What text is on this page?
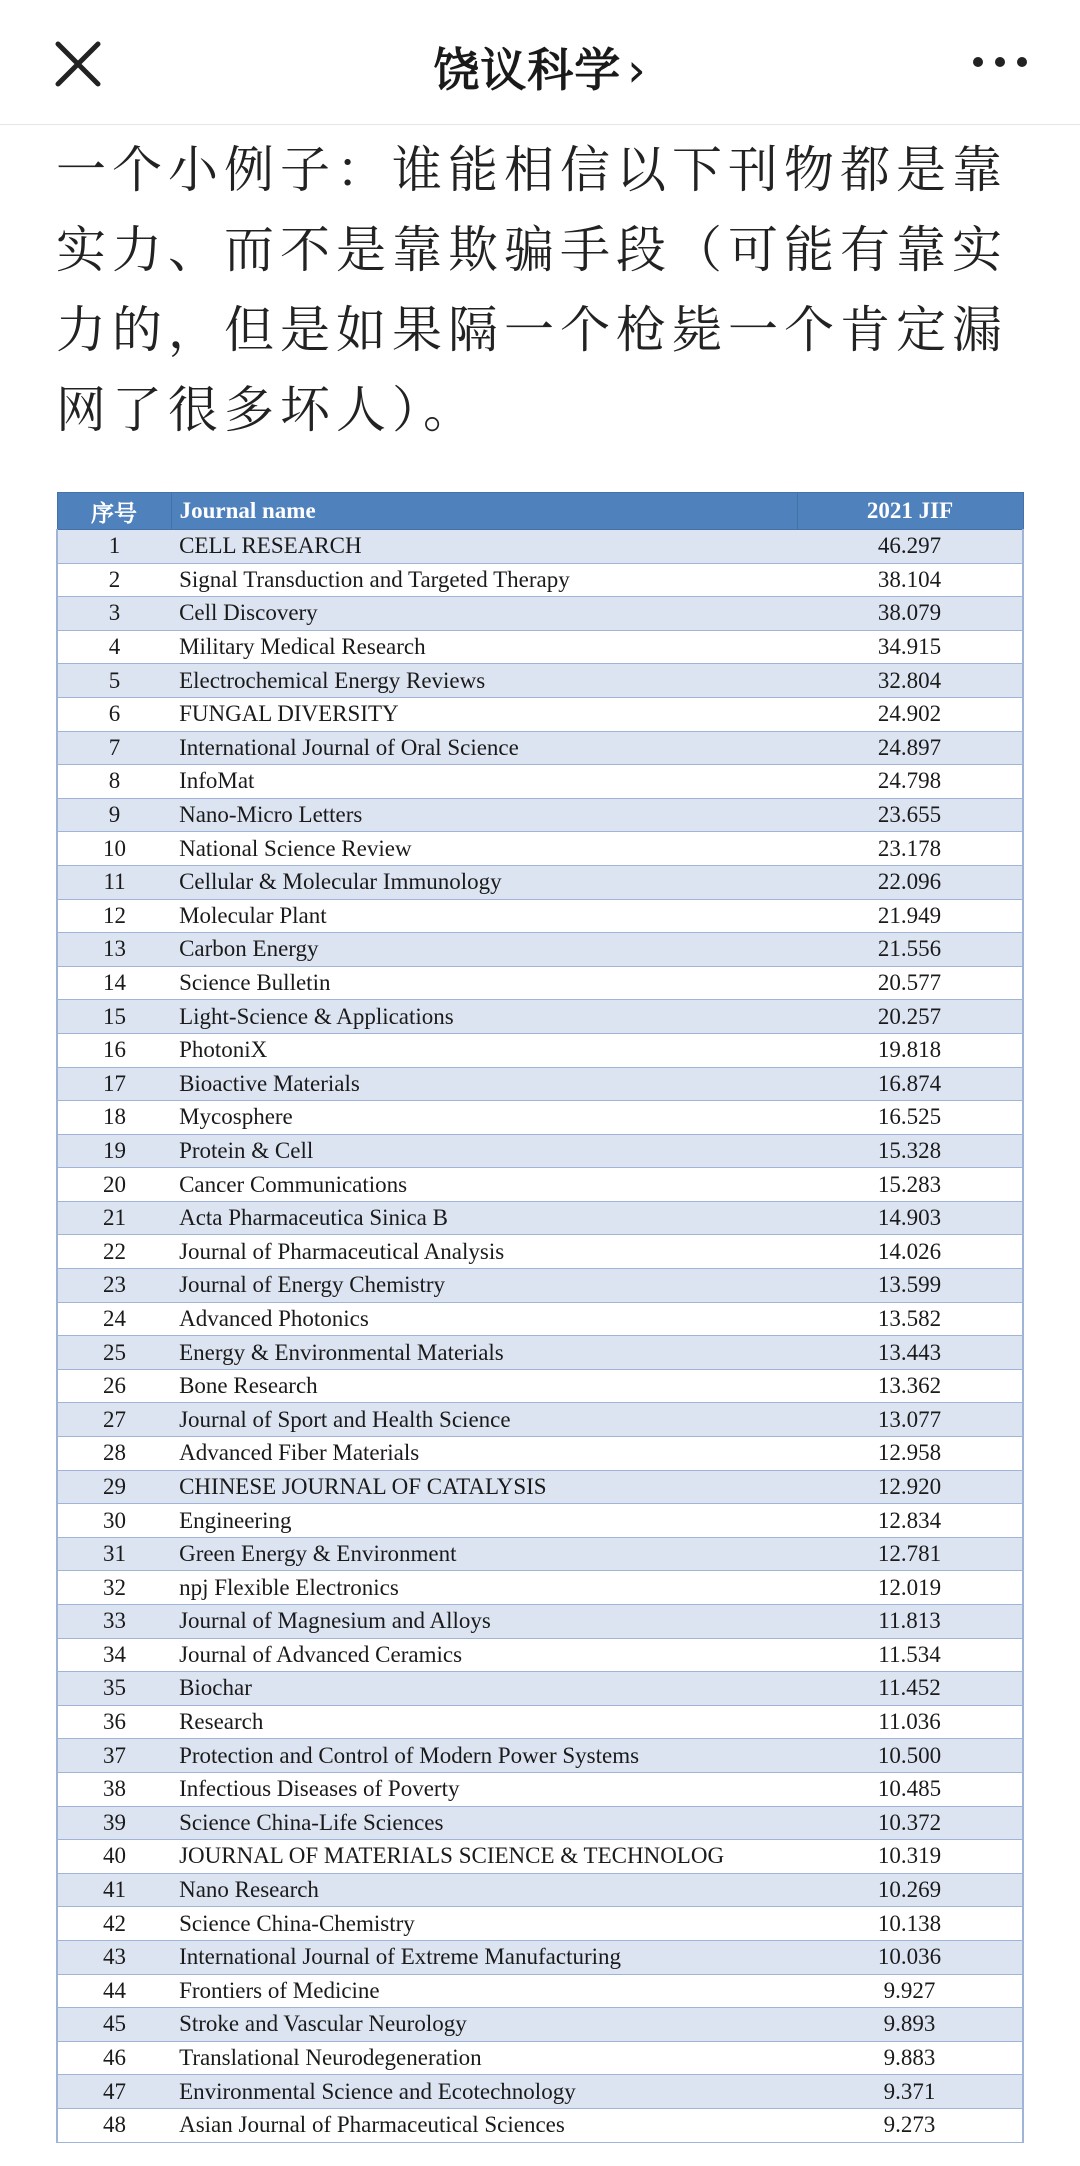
饶议科学 ›
一个小例子：谁能相信以下刊物都是靠实力、而不是靠欺骗手段（可能有靠实力的，但是如果隔一个枪毙一个肯定漏网了很多坏人）。
序号	Journal name	2021 JIF
1	CELL RESEARCH	46.297
2	Signal Transduction and Targeted Therapy	38.104
3	Cell Discovery	38.079
4	Military Medical Research	34.915
5	Electrochemical Energy Reviews	32.804
6	FUNGAL DIVERSITY	24.902
7	International Journal of Oral Science	24.897
8	InfoMat	24.798
9	Nano-Micro Letters	23.655
10	National Science Review	23.178
11	Cellular & Molecular Immunology	22.096
12	Molecular Plant	21.949
13	Carbon Energy	21.556
14	Science Bulletin	20.577
15	Light-Science & Applications	20.257
16	PhotoniX	19.818
17	Bioactive Materials	16.874
18	Mycosphere	16.525
19	Protein & Cell	15.328
20	Cancer Communications	15.283
21	Acta Pharmaceutica Sinica B	14.903
22	Journal of Pharmaceutical Analysis	14.026
23	Journal of Energy Chemistry	13.599
24	Advanced Photonics	13.582
25	Energy & Environmental Materials	13.443
26	Bone Research	13.362
27	Journal of Sport and Health Science	13.077
28	Advanced Fiber Materials	12.958
29	CHINESE JOURNAL OF CATALYSIS	12.920
30	Engineering	12.834
31	Green Energy & Environment	12.781
32	npj Flexible Electronics	12.019
33	Journal of Magnesium and Alloys	11.813
34	Journal of Advanced Ceramics	11.534
35	Biochar	11.452
36	Research	11.036
37	Protection and Control of Modern Power Systems	10.500
38	Infectious Diseases of Poverty	10.485
39	Science China-Life Sciences	10.372
40	JOURNAL OF MATERIALS SCIENCE & TECHNOLOG	10.319
41	Nano Research	10.269
42	Science China-Chemistry	10.138
43	International Journal of Extreme Manufacturing	10.036
44	Frontiers of Medicine	9.927
45	Stroke and Vascular Neurology	9.893
46	Translational Neurodegeneration	9.883
47	Environmental Science and Ecotechnology	9.371
48	Asian Journal of Pharmaceutical Sciences	9.273
